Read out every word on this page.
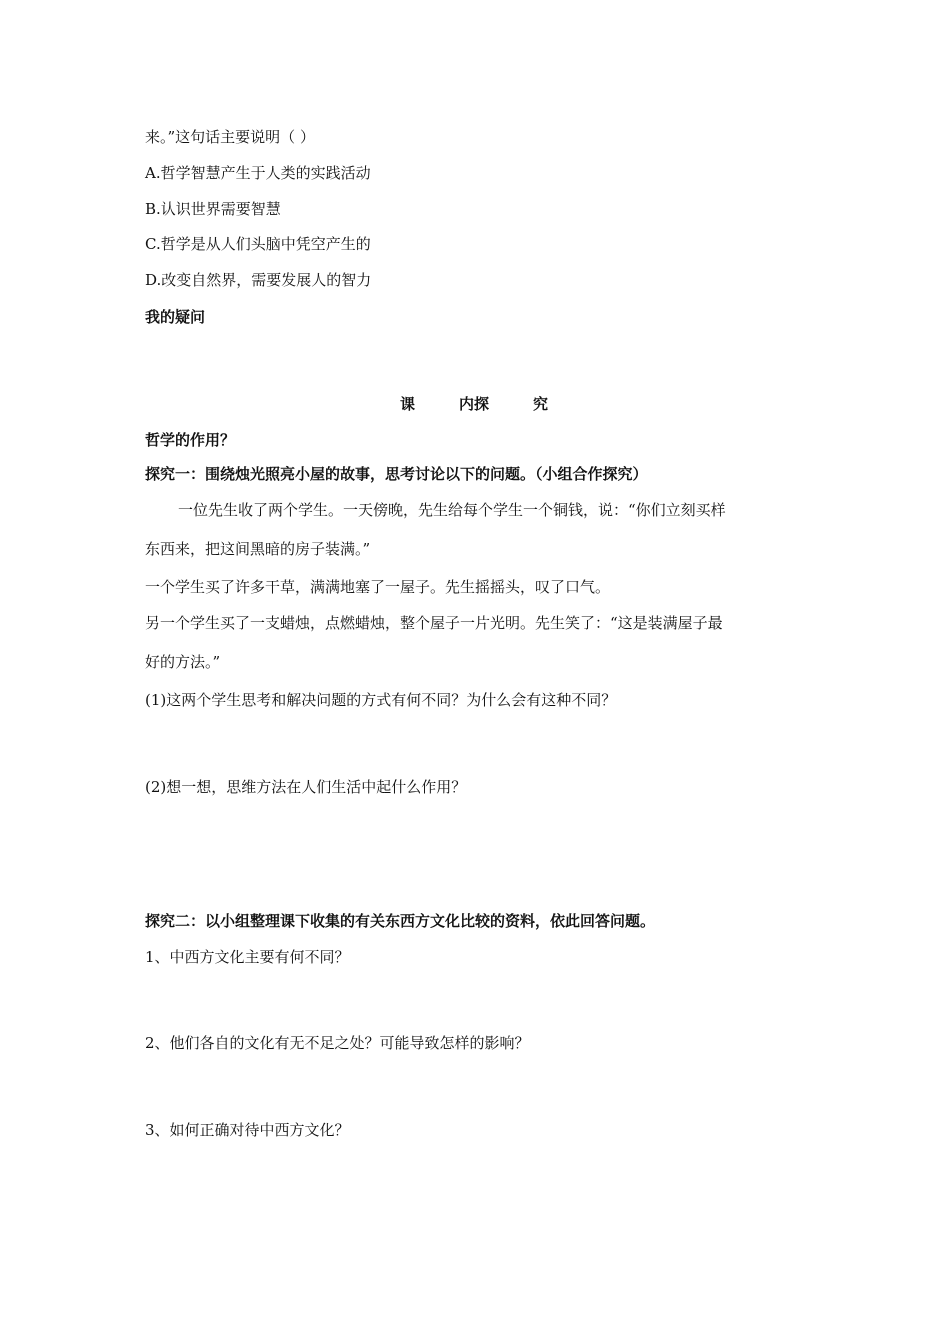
来。”这句话主要说明（ ）
A.哲学智慧产生于人类的实践活动
B.认识世界需要智慧
C.哲学是从人们头脑中凭空产生的
D.改变自然界，需要发展人的智力
我的疑问
课	内探	究
哲学的作用？
探究一：围绕烛光照亮小屋的故事，思考讨论以下的问题。（小组合作探究）
一位先生收了两个学生。一天傍晚，先生给每个学生一个铜钱，说：“你们立刻买样
东西来，把这间黑暗的房子装满。”
一个学生买了许多干草，满满地塞了一屋子。先生摇摇头，叹了口气。
另一个学生买了一支蜡烛，点燃蜡烛，整个屋子一片光明。先生笑了：“这是装满屋子最
好的方法。”
(1)这两个学生思考和解决问题的方式有何不同？为什么会有这种不同？
(2)想一想，思维方法在人们生活中起什么作用？
探究二：以小组整理课下收集的有关东西方文化比较的资料，依此回答问题。
1、中西方文化主要有何不同？
2、他们各自的文化有无不足之处？可能导致怎样的影响？
3、如何正确对待中西方文化？
